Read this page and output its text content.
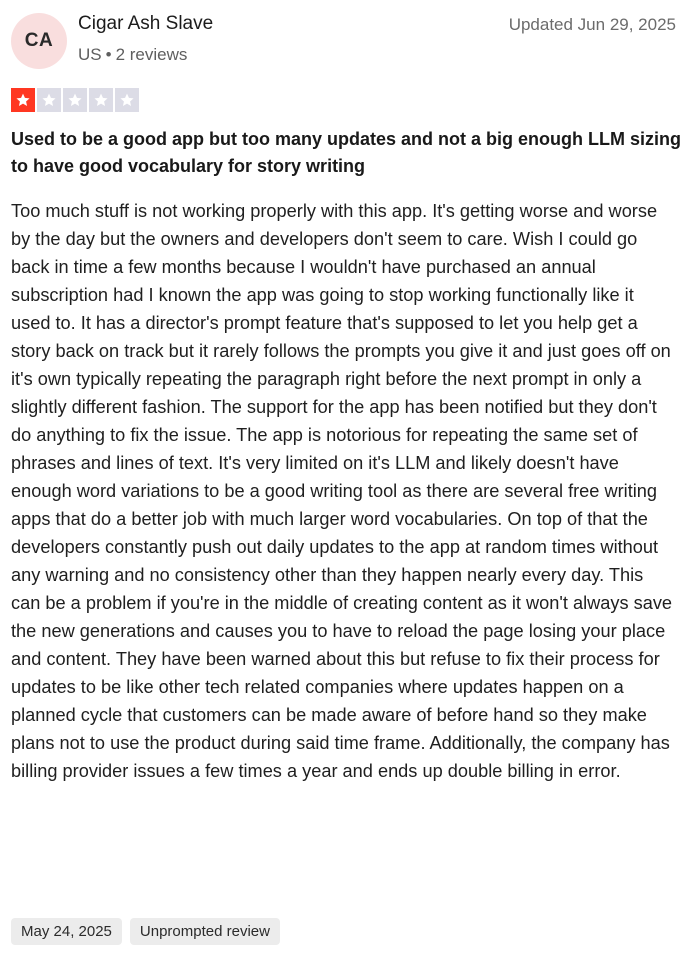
CA
Cigar Ash Slave
US • 2 reviews
Updated Jun 29, 2025
Used to be a good app but too many updates and not a big enough LLM sizing to have good vocabulary for story writing

Too much stuff is not working properly with this app. It's getting worse and worse by the day but the owners and developers don't seem to care. Wish I could go back in time a few months because I wouldn't have purchased an annual subscription had I known the app was going to stop working functionally like it used to. It has a director's prompt feature that's supposed to let you help get a story back on track but it rarely follows the prompts you give it and just goes off on it's own typically repeating the paragraph right before the next prompt in only a slightly different fashion. The support for the app has been notified but they don't do anything to fix the issue. The app is notorious for repeating the same set of phrases and lines of text. It's very limited on it's LLM and likely doesn't have enough word variations to be a good writing tool as there are several free writing apps that do a better job with much larger word vocabularies. On top of that the developers constantly push out daily updates to the app at random times without any warning and no consistency other than they happen nearly every day. This can be a problem if you're in the middle of creating content as it won't always save the new generations and causes you to have to reload the page losing your place and content. They have been warned about this but refuse to fix their process for updates to be like other tech related companies where updates happen on a planned cycle that customers can be made aware of before hand so they make plans not to use the product during said time frame. Additionally, the company has billing provider issues a few times a year and ends up double billing in error.

May 24, 2025	Unprompted review
